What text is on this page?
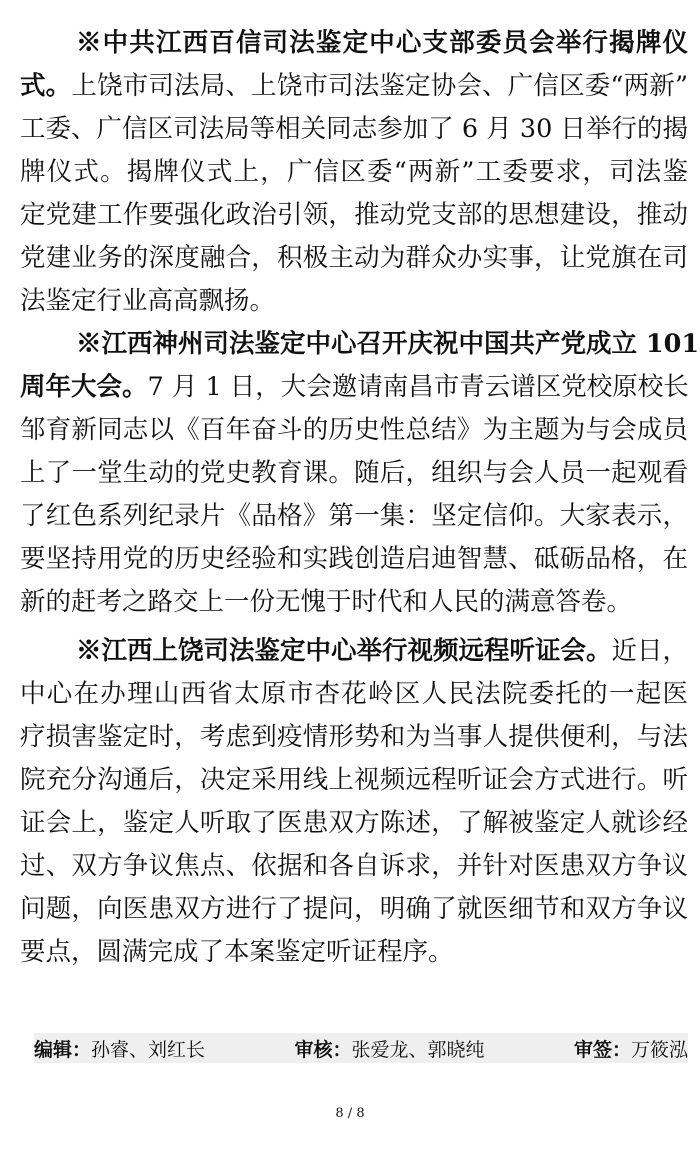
※中共江西百信司法鉴定中心支部委员会举行揭牌仪
式。上饶市司法局、上饶市司法鉴定协会、广信区委“两新”
工委、广信区司法局等相关同志参加了 6 月 30 日举行的揭
牌仪式。揭牌仪式上，广信区委“两新”工委要求，司法鉴
定党建工作要强化政治引领，推动党支部的思想建设，推动
党建业务的深度融合，积极主动为群众办实事，让党旗在司
法鉴定行业高高飘扬。
※江西神州司法鉴定中心召开庆祝中国共产党成立 101
周年大会。7 月 1 日，大会邀请南昌市青云谱区党校原校长
邹育新同志以《百年奋斗的历史性总结》为主题为与会成员
上了一堂生动的党史教育课。随后，组织与会人员一起观看
了红色系列纪录片《品格》第一集：坚定信仰。大家表示，
要坚持用党的历史经验和实践创造启迪智慧、砥砺品格，在
新的赶考之路交上一份无愧于时代和人民的满意答卷。
※江西上饶司法鉴定中心举行视频远程听证会。近日，
中心在办理山西省太原市杏花岭区人民法院委托的一起医
疗损害鉴定时，考虑到疫情形势和为当事人提供便利，与法
院充分沟通后，决定采用线上视频远程听证会方式进行。听
证会上，鉴定人听取了医患双方陈述，了解被鉴定人就诊经
过、双方争议焦点、依据和各自诉求，并针对医患双方争议
问题，向医患双方进行了提问，明确了就医细节和双方争议
要点，圆满完成了本案鉴定听证程序。
编辑：孙睿、刘红长	审核：张爱龙、郭晓纯	审签：万筱泓
8 / 8
